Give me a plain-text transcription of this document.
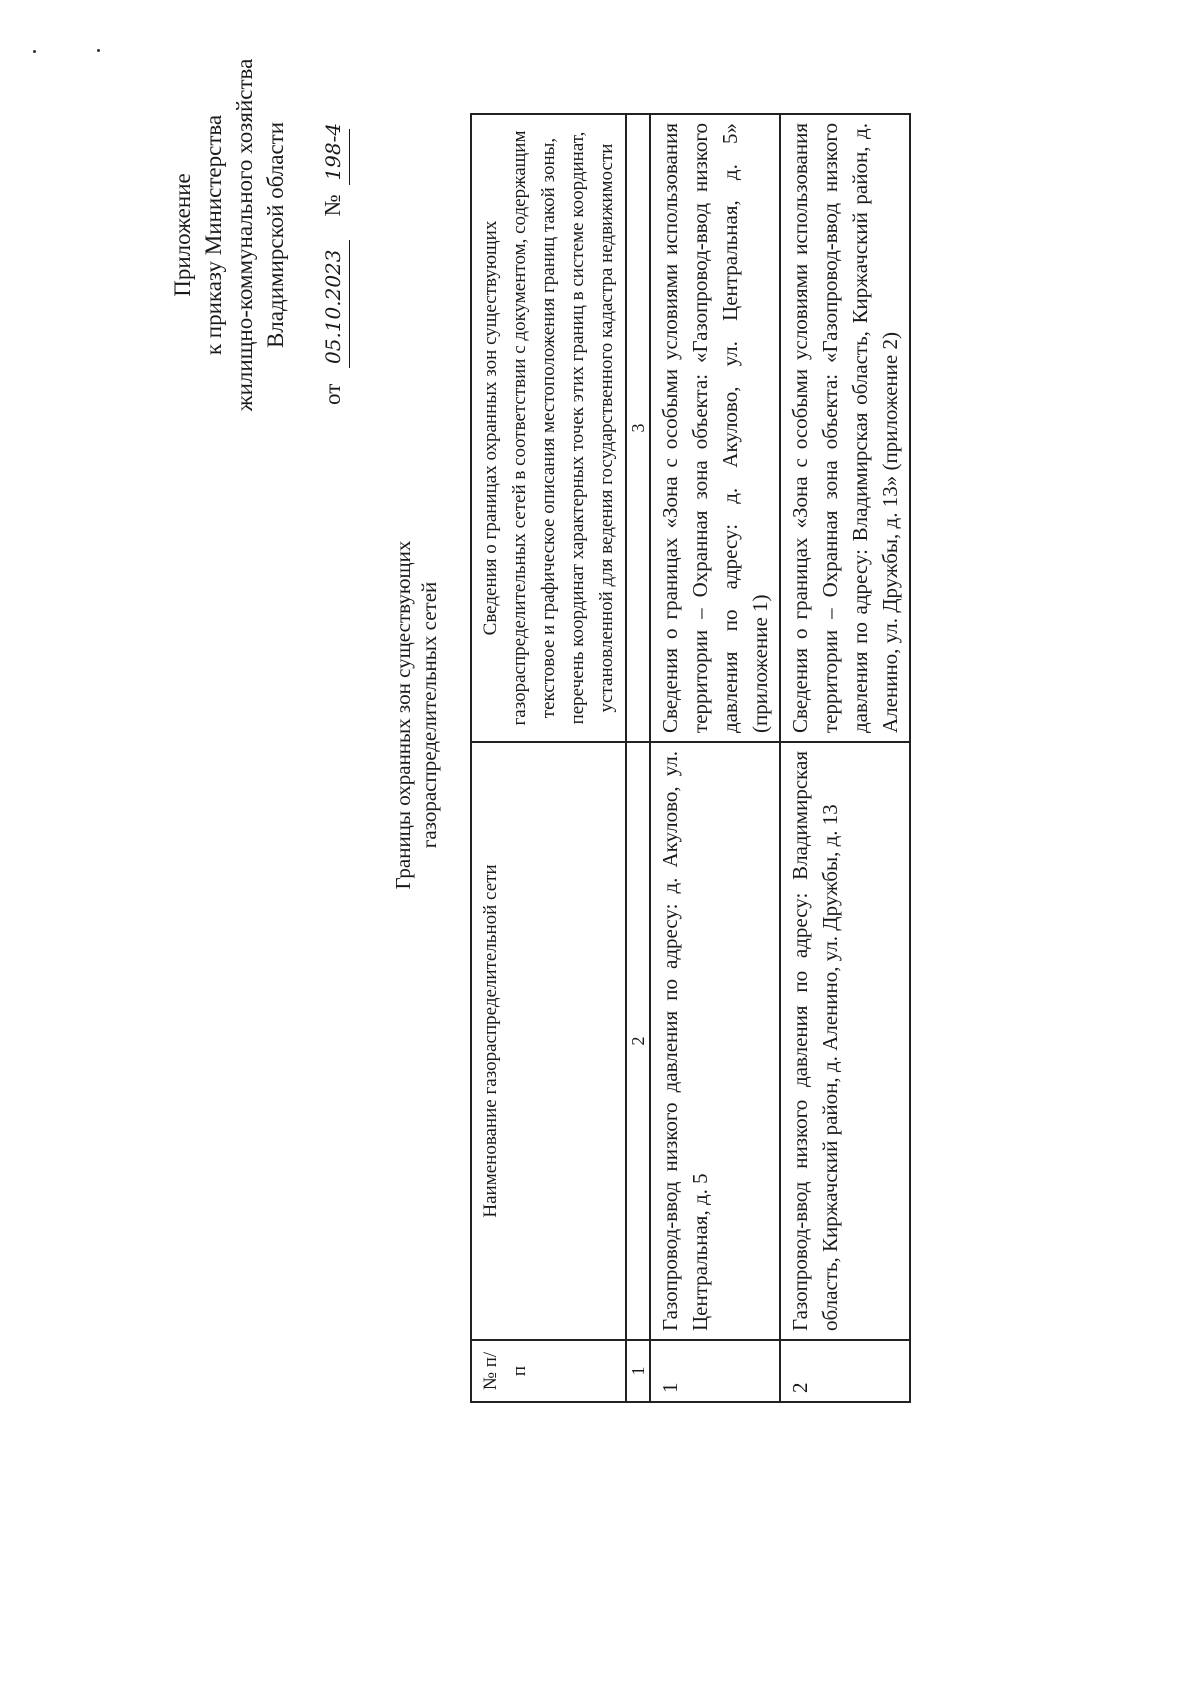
Приложение к приказу Министерства жилищно-коммунального хозяйства Владимирской области
от 05.10.2023 № 198-4
Границы охранных зон существующих газораспределительных сетей
№ п/п	Наименование газораспределительной сети	Сведения о границах охранных зон существующих газораспределительных сетей в соответствии с документом, содержащим текстовое и графическое описания местоположения границ такой зоны, перечень координат характерных точек этих границ в системе координат, установленной для ведения государственного кадастра недвижимости
1	2	3
1	Газопровод-ввод низкого давления по адресу: д. Акулово, ул. Центральная, д. 5	Сведения о границах «Зона с особыми условиями использования территории – Охранная зона объекта: «Газопровод-ввод низкого давления по адресу: д. Акулово, ул. Центральная, д. 5» (приложение 1)
2	Газопровод-ввод низкого давления по адресу: Владимирская область, Киржачский район, д. Аленино, ул. Дружбы, д. 13	Сведения о границах «Зона с особыми условиями использования территории – Охранная зона объекта: «Газопровод-ввод низкого давления по адресу: Владимирская область, Киржачский район, д. Аленино, ул. Дружбы, д. 13» (приложение 2)
